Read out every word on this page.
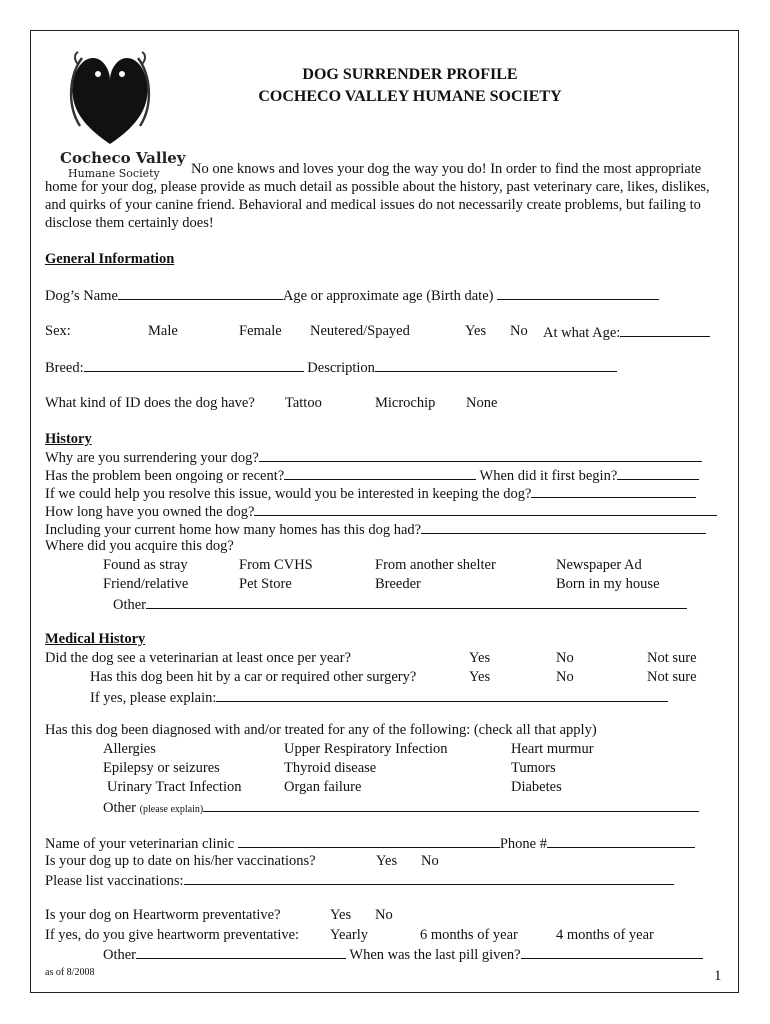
Cocheco Valley
Humane Society
DOG SURRENDER PROFILE
COCHECO VALLEY HUMANE SOCIETY
No one knows and loves your dog the way you do! In order to find the most appropriate home for your dog, please provide as much detail as possible about the history, past veterinary care, likes, dislikes, and quirks of your canine friend. Behavioral and medical issues do not necessarily create problems, but failing to disclose them certainly does!
General Information
Dog’s Name	Age or approximate age (Birth date)
Sex:	Male	Female Neutered/Spayed	Yes No At what Age:
Breed:	Description
What kind of ID does the dog have? Tattoo	Microchip None
History
Why are you surrendering your dog?
Has the problem been ongoing or recent?	When did it first begin?
If we could help you resolve this issue, would you be interested in keeping the dog?
How long have you owned the dog?
Including your current home how many homes has this dog had?
Where did you acquire this dog?
Found as stray	From CVHS	From another shelter	Newspaper Ad
Friend/relative	Pet Store	Breeder	Born in my house
Other
Medical History
Did the dog see a veterinarian at least once per year?	Yes	No	Not sure
Has this dog been hit by a car or required other surgery?	Yes	No	Not sure
If yes, please explain:
Has this dog been diagnosed with and/or treated for any of the following: (check all that apply)
Allergies	Upper Respiratory Infection	Heart murmur
Epilepsy or seizures	Thyroid disease	Tumors
Urinary Tract Infection	Organ failure	Diabetes
Other (please explain)
Name of your veterinarian clinic	Phone #
Is your dog up to date on his/her vaccinations?	Yes No
Please list vaccinations:
Is your dog on Heartworm preventative?	Yes No
If yes, do you give heartworm preventative: Yearly	6 months of year	4 months of year
Other	When was the last pill given?
as of 8/2008	1
